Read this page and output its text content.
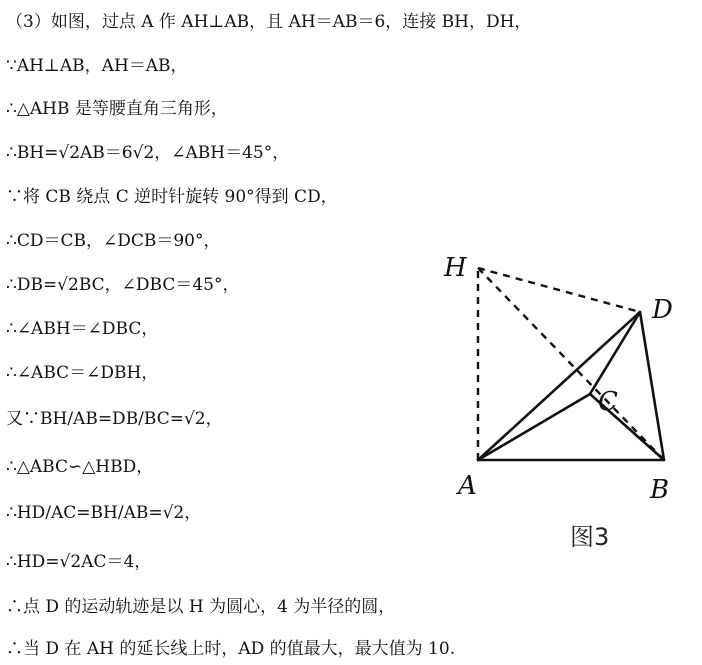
（3）如图，过点 A 作 AH⊥AB，且 AH＝AB＝6，连接 BH，DH，
∵AH⊥AB，AH＝AB，
∴△AHB 是等腰直角三角形，
∴BH=√2AB＝6√2，∠ABH＝45°，
∵将 CB 绕点 C 逆时针旋转 90°得到 CD，
∴CD＝CB，∠DCB＝90°，
∴DB=√2BC，∠DBC＝45°，
∴∠ABH＝∠DBC，
∴∠ABC＝∠DBH，
又∵BH/AB=DB/BC=√2，
∴△ABC∽△HBD，
∴HD/AC=BH/AB=√2，
∴HD=√2AC＝4，
∴点 D 的运动轨迹是以 H 为圆心，4 为半径的圆，
∴当 D 在 AH 的延长线上时，AD 的值最大，最大值为 10.
H
D
C
A	B
图3
